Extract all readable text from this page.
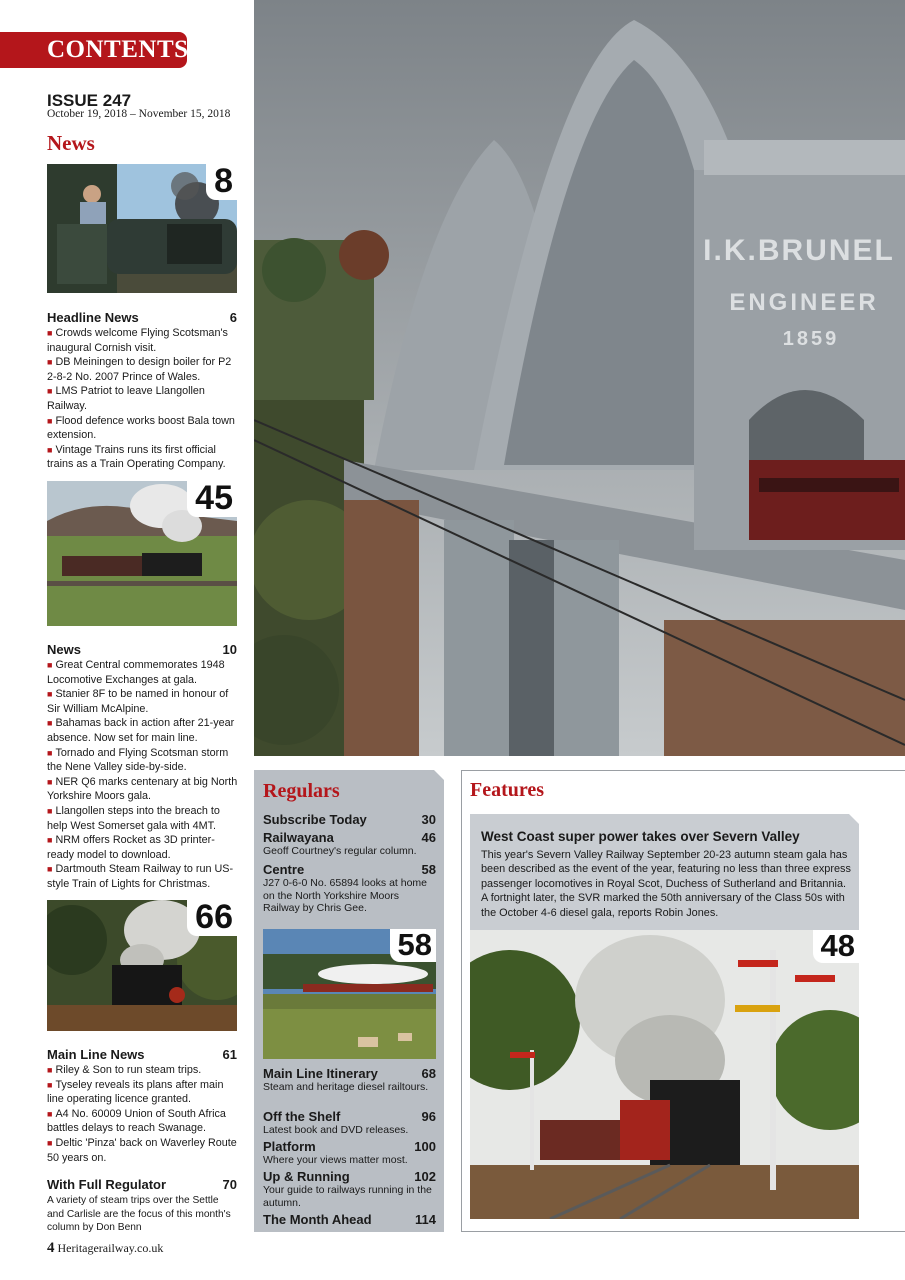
CONTENTS
ISSUE 247
October 19, 2018 – November 15, 2018
News
8
Headline News	6

■ Crowds welcome Flying Scotsman's inaugural Cornish visit.

■ DB Meiningen to design boiler for P2 2-8-2 No. 2007 Prince of Wales.

■ LMS Patriot to leave Llangollen Railway.

■ Flood defence works boost Bala town extension.

■ Vintage Trains runs its first official trains as a Train Operating Company.

45
News	10

■ Great Central commemorates 1948 Locomotive Exchanges at gala.

■ Stanier 8F to be named in honour of Sir William McAlpine.

■ Bahamas back in action after 21-year absence. Now set for main line.

■ Tornado and Flying Scotsman storm the Nene Valley side-by-side.

■ NER Q6 marks centenary at big North Yorkshire Moors gala.

■ Llangollen steps into the breach to help West Somerset gala with 4MT.

■ NRM offers Rocket as 3D printer-ready model to download.

■ Dartmouth Steam Railway to run US-style Train of Lights for Christmas.

66
Main Line News	61

■ Riley & Son to run steam trips.

■ Tyseley reveals its plans after main line operating licence granted.

■ A4 No. 60009 Union of South Africa battles delays to reach Swanage.

■ Deltic 'Pinza' back on Waverley Route 50 years on.

With Full Regulator	70
A variety of steam trips over the Settle and Carlisle are the focus of this month's column by Don Benn
4 Heritagerailway.co.uk
I.K.BRUNEL
ENGINEER
1859
Regulars
Subscribe Today	30
Railwayana	46
Geoff Courtney's regular column.
Centre	58
J27 0-6-0 No. 65894 looks at home on the North Yorkshire Moors Railway by Chris Gee.
58
Main Line Itinerary	68
Steam and heritage diesel railtours.
Off the Shelf	96
Latest book and DVD releases.
Platform	100
Where your views matter most.
Up & Running	102
Your guide to railways running in the autumn.
The Month Ahead	114
Features
West Coast super power takes over Severn Valley
This year's Severn Valley Railway September 20-23 autumn steam gala has been described as the event of the year, featuring no less than three express passenger locomotives in Royal Scot, Duchess of Sutherland and Britannia. A fortnight later, the SVR marked the 50th anniversary of the Class 50s with the October 4-6 diesel gala, reports Robin Jones.
48
